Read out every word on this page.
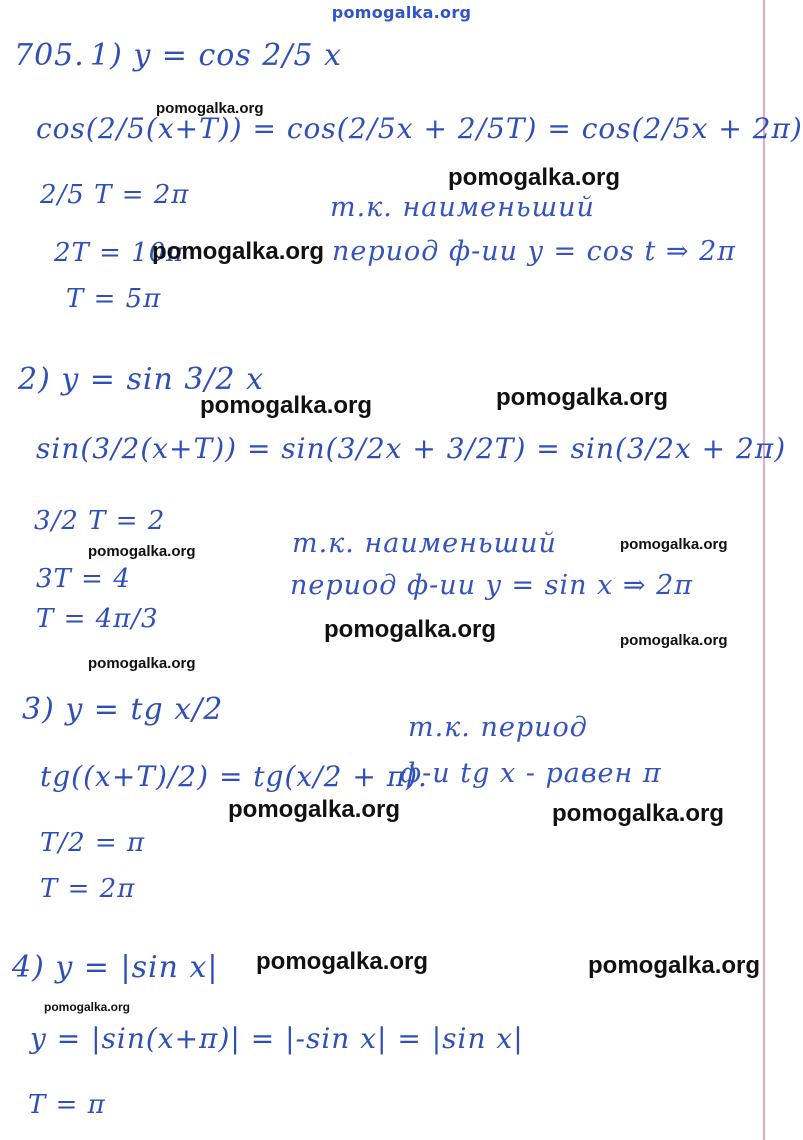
pomogalka.org
705. 1) y = cos 2/5 x
cos(2/5(x+T)) = cos(2/5x + 2/5T) = cos(2/5x + 2π)
2/5 T = 2π
2T = 10π
T = 5π
т.к. наименьший
период ф-ии y = cos t ⇒ 2π
2) y = sin 3/2 x
sin(3/2(x+T)) = sin(3/2x + 3/2T) = sin(3/2x + 2π)
3/2 T = 2
3T = 4
T = 4π/3
т.к. наименьший
период ф-ии y = sin x ⇒ 2π
3) y = tg x/2
tg((x+T)/2) = tg(x/2 + π).
T/2 = π
T = 2π
т.к. период
ф-и tg x - равен π
4) y = |sin x|
y = |sin(x+π)| = |-sin x| = |sin x|
T = π
pomogalka.org
pomogalka.org
pomogalka.org
pomogalka.org	pomogalka.org
pomogalka.org	pomogalka.org
pomogalka.org	pomogalka.org
pomogalka.org
pomogalka.org	pomogalka.org
pomogalka.org	pomogalka.org
pomogalka.org
